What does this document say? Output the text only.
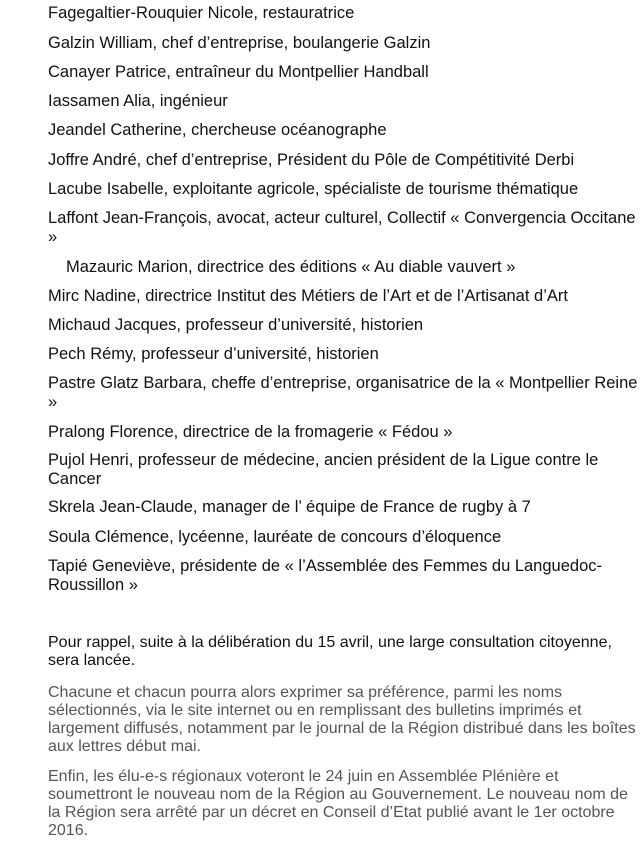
Fagegaltier-Rouquier Nicole, restauratrice
Galzin William, chef d’entreprise, boulangerie Galzin
Canayer Patrice, entraîneur du Montpellier Handball
Iassamen Alia, ingénieur
Jeandel Catherine, chercheuse océanographe
Joffre André, chef d’entreprise, Président du Pôle de Compétitivité Derbi
Lacube Isabelle, exploitante agricole, spécialiste de tourisme thématique
Laffont Jean-François, avocat, acteur culturel, Collectif « Convergencia Occitane »
Mazauric Marion, directrice des éditions « Au diable vauvert »
Mirc Nadine, directrice Institut des Métiers de l’Art et de l’Artisanat d’Art
Michaud Jacques, professeur d’université, historien
Pech Rémy, professeur d’université, historien
Pastre Glatz Barbara, cheffe d’entreprise, organisatrice de la « Montpellier Reine »
Pralong Florence, directrice de la fromagerie « Fédou »
Pujol Henri, professeur de médecine, ancien président de la Ligue contre le Cancer
Skrela Jean-Claude, manager de l’ équipe de France de rugby à 7
Soula Clémence, lycéenne, lauréate de concours d’éloquence
Tapié Geneviève, présidente de « l’Assemblée des Femmes du Languedoc-Roussillon »
Pour rappel, suite à la délibération du 15 avril, une large consultation citoyenne, sera lancée.
Chacune et chacun pourra alors exprimer sa préférence, parmi les noms sélectionnés, via le site internet ou en remplissant des bulletins imprimés et largement diffusés, notamment par le journal de la Région distribué dans les boîtes aux lettres début mai.
Enfin, les élu-e-s régionaux voteront le 24 juin en Assemblée Plénière et soumettront le nouveau nom de la Région au Gouvernement. Le nouveau nom de la Région sera arrêté par un décret en Conseil d’Etat publié avant le 1er octobre 2016.
